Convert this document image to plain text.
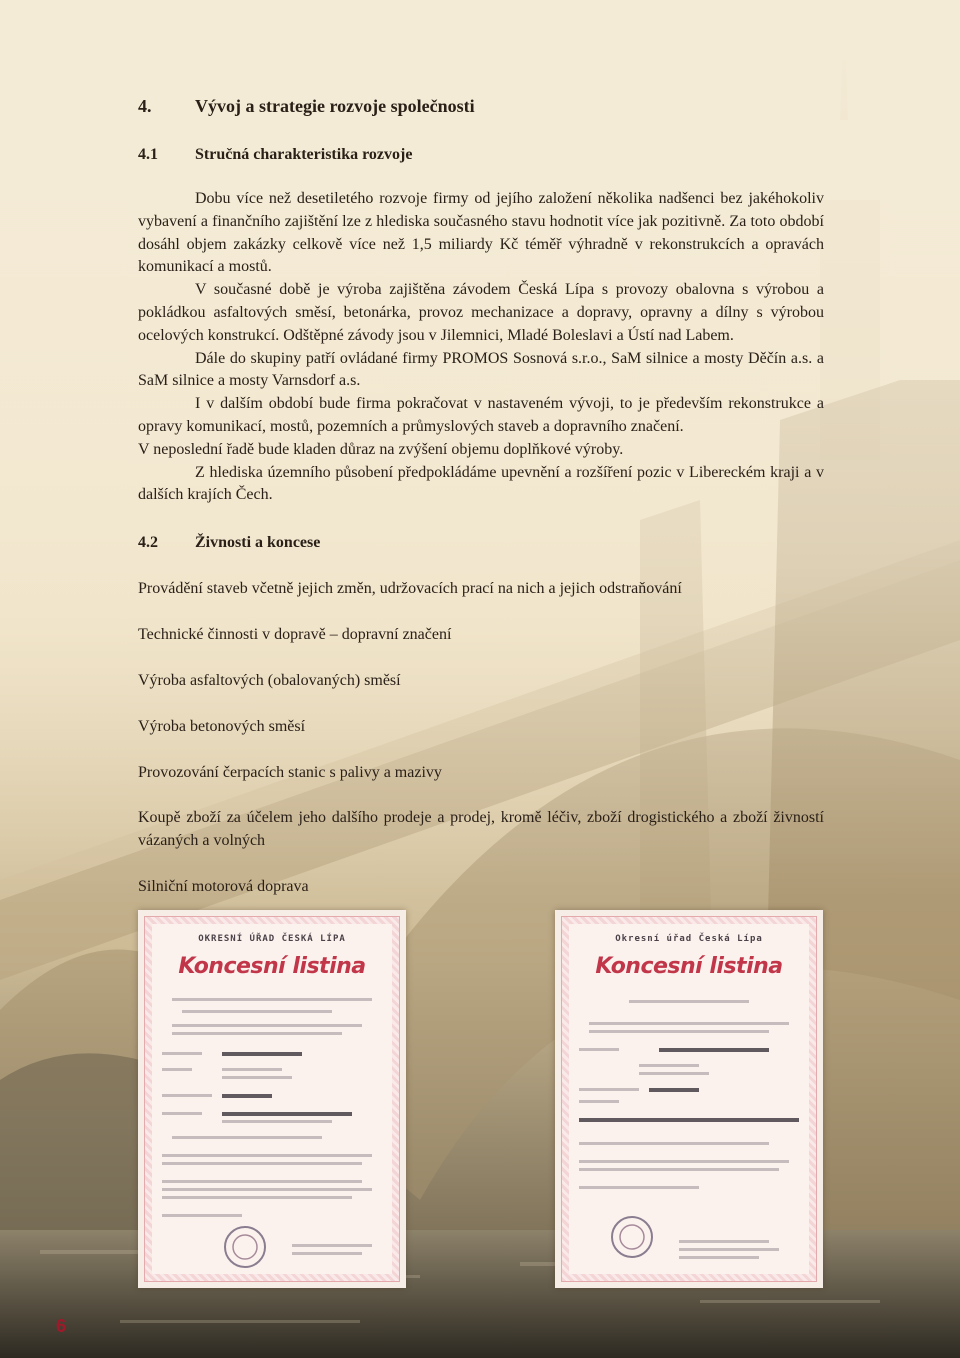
4. Vývoj a strategie rozvoje společnosti
4.1 Stručná charakteristika rozvoje

Dobu více než desetiletého rozvoje firmy od jejího založení několika nadšenci bez jakéhokoliv vybavení a finančního zajištění lze z hlediska současného stavu hodnotit více jak pozitivně. Za toto období dosáhl objem zakázky celkově více než 1,5 miliardy Kč téměř výhradně v rekonstrukcích a opravách komunikací a mostů.

V současné době je výroba zajištěna závodem Česká Lípa s provozy obalovna s výrobou a pokládkou asfaltových směsí, betonárka, provoz mechanizace a dopravy, opravny a dílny s výrobou ocelových konstrukcí. Odštěpné závody jsou v Jilemnici, Mladé Boleslavi a Ústí nad Labem.

Dále do skupiny patří ovládané firmy PROMOS Sosnová s.r.o., SaM silnice a mosty Děčín a.s. a SaM silnice a mosty Varnsdorf a.s.

I v dalším období bude firma pokračovat v nastaveném vývoji, to je především rekonstrukce a opravy komunikací, mostů, pozemních a průmyslových staveb a dopravního značení.

V neposlední řadě bude kladen důraz na zvýšení objemu doplňkové výroby.

Z hlediska územního působení předpokládáme upevnění a rozšíření pozic v Libereckém kraji a v dalších krajích Čech.

4.2 Živnosti a koncese
Provádění staveb včetně jejich změn, udržovacích prací na nich a jejich odstraňování
Technické činnosti v dopravě – dopravní značení
Výroba asfaltových (obalovaných) směsí
Výroba betonových směsí
Provozování čerpacích stanic s palivy a mazivy
Koupě zboží za účelem jeho dalšího prodeje a prodej, kromě léčiv, zboží drogistického a zboží živností vázaných a volných
Silniční motorová doprava
OKRESNÍ ÚŘAD ČESKÁ LÍPA
Koncesní listina
Okresní úřad Česká Lípa
Koncesní listina
6
